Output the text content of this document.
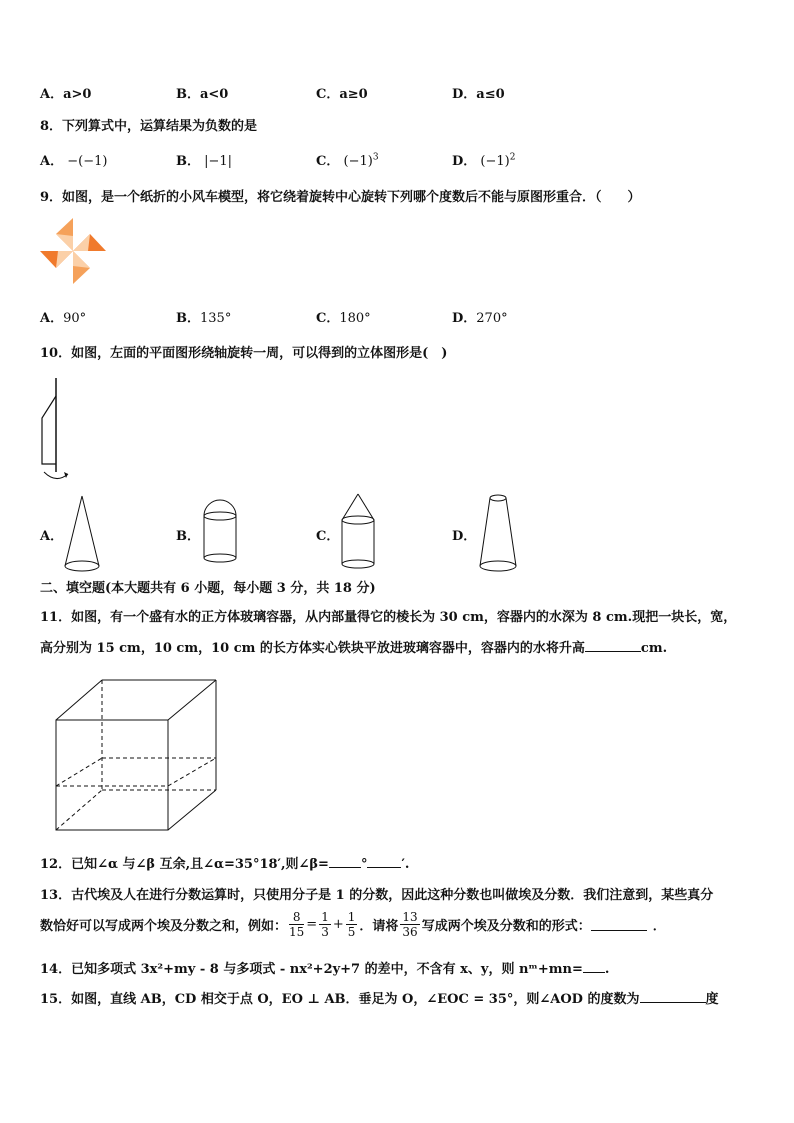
A．a>0	B．a<0	C．a≥0	D．a≤0
8．下列算式中，运算结果为负数的是
A． −(−1)	B． |−1|	C． $(-1)^3$	D． $(-1)^2$
9．如图，是一个纸折的小风车模型，将它绕着旋转中心旋转下列哪个度数后不能与原图形重合．（　　）
A．90°	B．135°	C．180°	D．270°
10．如图，左面的平面图形绕轴旋转一周，可以得到的立体图形是(　)
A．	B．	C．	D．
二、填空题(本大题共有 6 小题，每小题 3 分，共 18 分)
11．如图，有一个盛有水的正方体玻璃容器，从内部量得它的棱长为 30 cm，容器内的水深为 8 cm.现把一块长，宽，
高分别为 15 cm，10 cm，10 cm 的长方体实心铁块平放进玻璃容器中，容器内的水将升高	cm.
12．已知∠α 与∠β 互余,且∠α=35°18′,则∠β= °	′.
13．古代埃及人在进行分数运算时，只使用分子是 1 的分数，因此这种分数也叫做埃及分数．我们注意到，某些真分
数恰好可以写成两个埃及分数之和，例如： $\frac{8}{15} = \frac{1}{3} + \frac{1}{5}$ ．请将 $\frac{13}{36}$ 写成两个埃及分数和的形式：	．
14．已知多项式 3x²+my - 8 与多项式 - nx²+2y+7 的差中，不含有 x、y，则 nᵐ+mn= .
15．如图，直线 AB，CD 相交于点 O，EO ⊥ AB．垂足为 O，∠EOC = 35°，则∠AOD 的度数为	度
